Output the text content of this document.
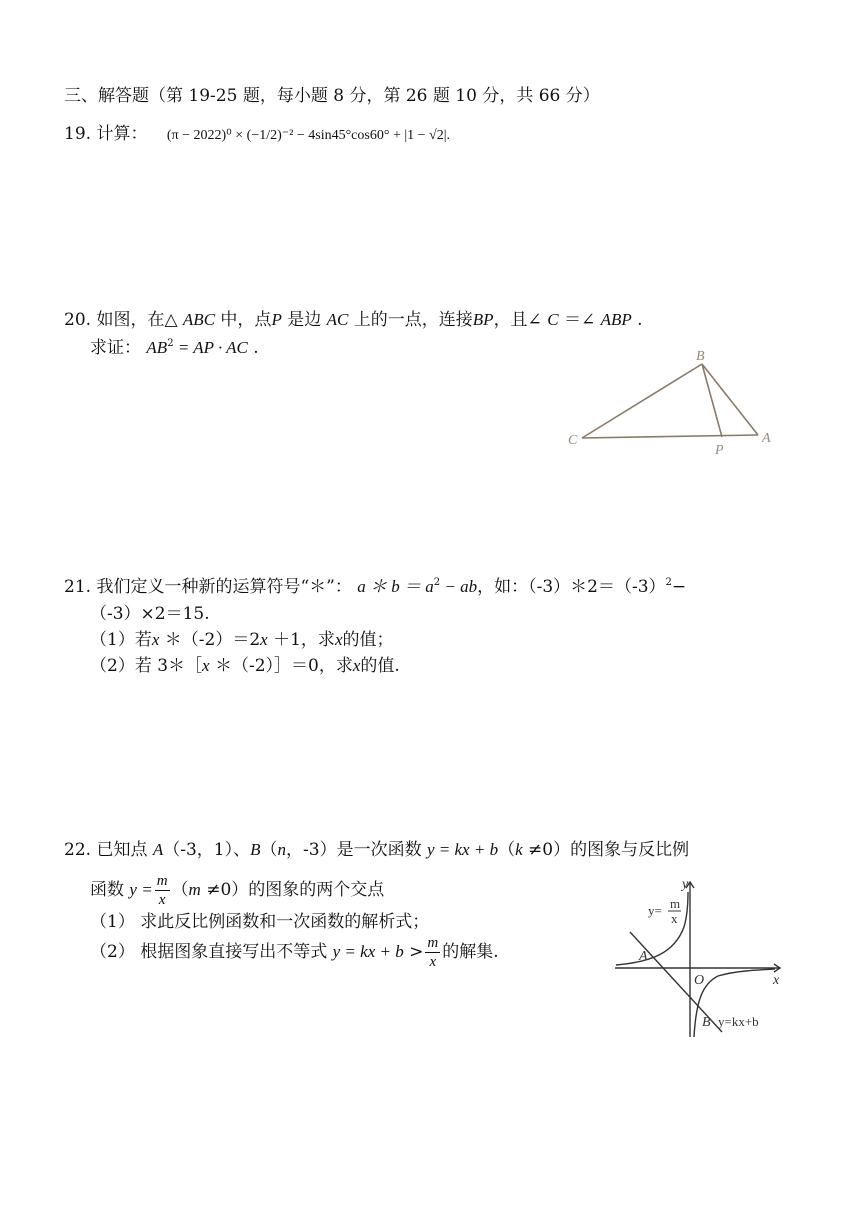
三、解答题（第 19-25 题，每小题 8 分，第 26 题 10 分，共 66 分）
19. 计算： (π − 2022)⁰ × (−1/2)⁻² − 4sin45°cos60° + |1 − √2|.
20. 如图，在△ ABC 中，点P 是边 AC 上的一点，连接BP，且∠ C ＝∠ ABP .
求证： $AB^2$ = AP · AC .	B
C
P
A
21. 我们定义一种新的运算符号“＊”： a ＊ $b = a^2$ − ab，如：$(-3)*2=(-3)^2-$
（-3）×2＝15.
（1）若x ＊（-2）＝2x ＋1，求x的值；
（2）若 3＊［x ＊（-2）］＝0，求x的值.
22. 已知点 A（-3，1）、B（n，-3）是一次函数 y = kx + b（k ≠0）的图象与反比例
函数 $y = \frac{m}{x} (m \ne 0)$的图象的两个交点
（1） 求此反比例函数和一次函数的解析式；
（2） 根据图象直接写出不等式 y = kx + $b > \frac{m}{x}$ 的解集.
y
x
O
A
B
y= m
x
y=kx+b
